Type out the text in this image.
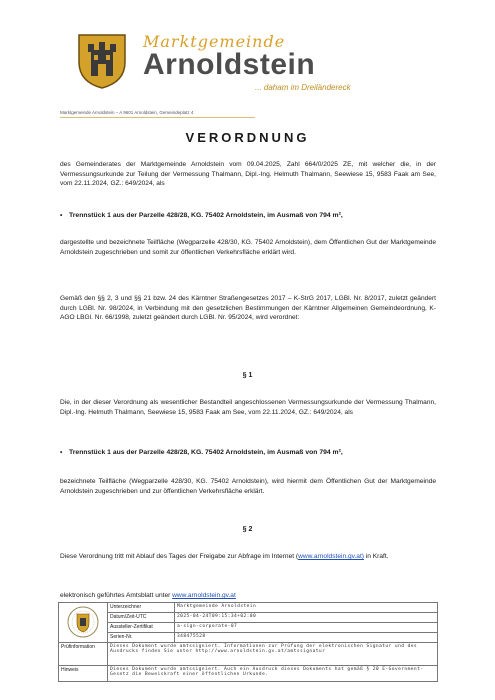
Marktgemeinde
Arnoldstein
... daham im Dreiländereck
Marktgemeinde Arnoldstein – A 9601 Arnoldstein, Gemeindeplatz 4
VERORDNUNG
des Gemeinderates der Marktgemeinde Arnoldstein vom 09.04.2025, Zahl 664/0/2025 ZE, mit welcher die, in der Vermessungsurkunde zur Teilung der Vermessung Thalmann, Dipl.-Ing. Helmuth Thalmann, Seewiese 15, 9583 Faak am See, vom 22.11.2024, GZ.: 649/2024, als
• Trennstück 1 aus der Parzelle 428/28, KG. 75402 Arnoldstein, im Ausmaß von 794 m²,
dargestellte und bezeichnete Teilfläche (Wegparzelle 428/30, KG. 75402 Arnoldstein), dem Öffentlichen Gut der Marktgemeinde Arnoldstein zugeschrieben und somit zur öffentlichen Verkehrsfläche erklärt wird.
Gemäß den §§ 2, 3 und §§ 21 bzw. 24 des Kärntner Straßengesetzes 2017 – K-StrG 2017, LGBl. Nr. 8/2017, zuletzt geändert durch LGBl. Nr. 98/2024, in Verbindung mit den gesetzlichen Bestimmungen der Kärntner Allgemeinen Gemeindeordnung, K-AGO LBGl. Nr. 66/1998, zuletzt geändert durch LGBl. Nr. 95/2024, wird verordnet:
§ 1
Die, in der dieser Verordnung als wesentlicher Bestandteil angeschlossenen Vermessungsurkunde der Vermessung Thalmann, Dipl.-Ing. Helmuth Thalmann, Seewiese 15, 9583 Faak am See, vom 22.11.2024, GZ.: 649/2024, als
• Trennstück 1 aus der Parzelle 428/28, KG. 75402 Arnoldstein, im Ausmaß von 794 m²,
bezeichnete Teilfläche (Wegparzelle 428/30, KG. 75402 Arnoldstein), wird hiermit dem Öffentlichen Gut der Marktgemeinde Arnoldstein zugeschrieben und zur öffentlichen Verkehrsfläche erklärt.
§ 2
Diese Verordnung tritt mit Ablauf des Tages der Freigabe zur Abfrage im Internet (www.arnoldstein.gv.at) in Kraft.
elektronisch geführtes Amtsblatt unter www.arnoldstein.gv.at
	Unterzeichner	Marktgemeinde Arnoldstein
	Datum/Zeit-UTC	2025-04-24T09:15:34+02:00
	Aussteller-Zertifikat	a-sign-corporate-07
	Serien-Nr.	348475528
Prüfinformation	Dieses Dokument wurde amtssigniert. Informationen zur Prüfung der elektronischen Signatur und des Ausdrucks finden Sie unter http://www.arnoldstein.gv.at/amtssignatur	
Hinweis	Dieses Dokument wurde amtssigniert. Auch ein Ausdruck dieses Dokuments hat gemäß § 20 E-Government-Gesetz die Beweiskraft einer öffentlichen Urkunde.	
